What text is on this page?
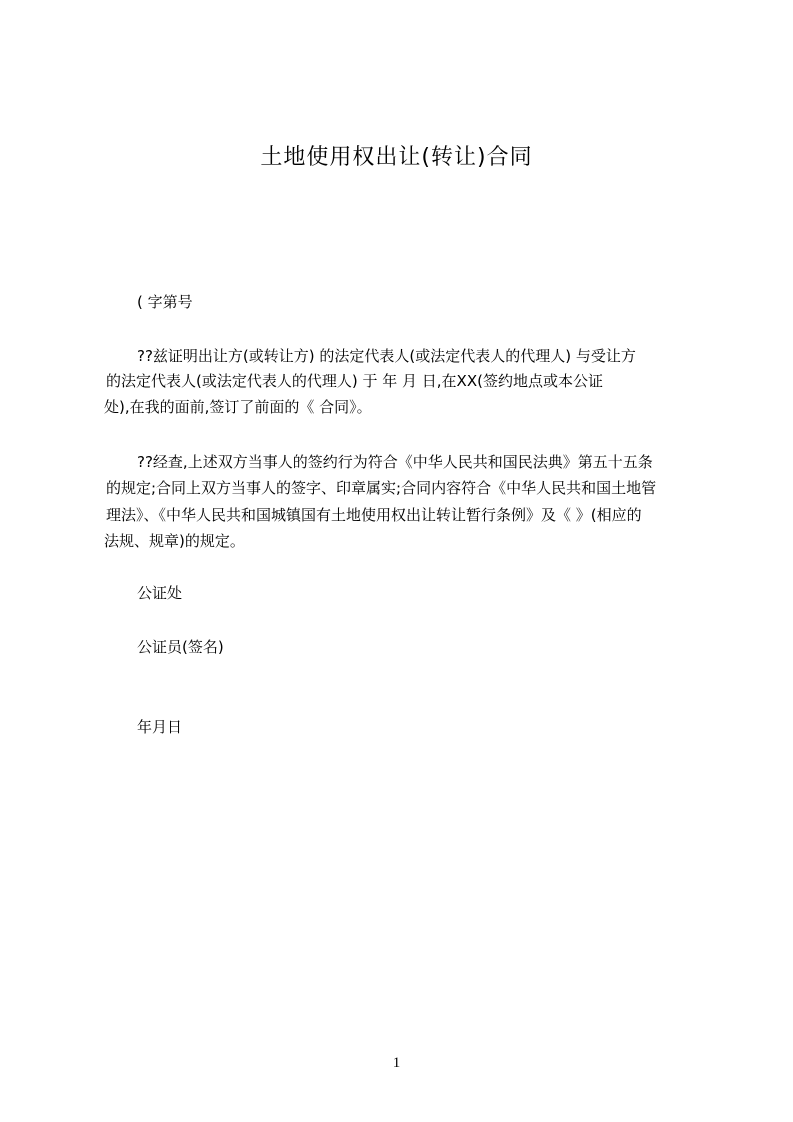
土地使用权出让(转让)合同
( 字第号
??兹证明出让方(或转让方) 的法定代表人(或法定代表人的代理人) 与受让方
的法定代表人(或法定代表人的代理人) 于 年 月 日,在XX(签约地点或本公证
处),在我的面前,签订了前面的《 合同》。
??经查,上述双方当事人的签约行为符合《中华人民共和国民法典》第五十五条
的规定;合同上双方当事人的签字、印章属实;合同内容符合《中华人民共和国土地管
理法》、《中华人民共和国城镇国有土地使用权出让转让暂行条例》及《 》(相应的
法规、规章)的规定。
公证处
公证员(签名)
年月日
1
